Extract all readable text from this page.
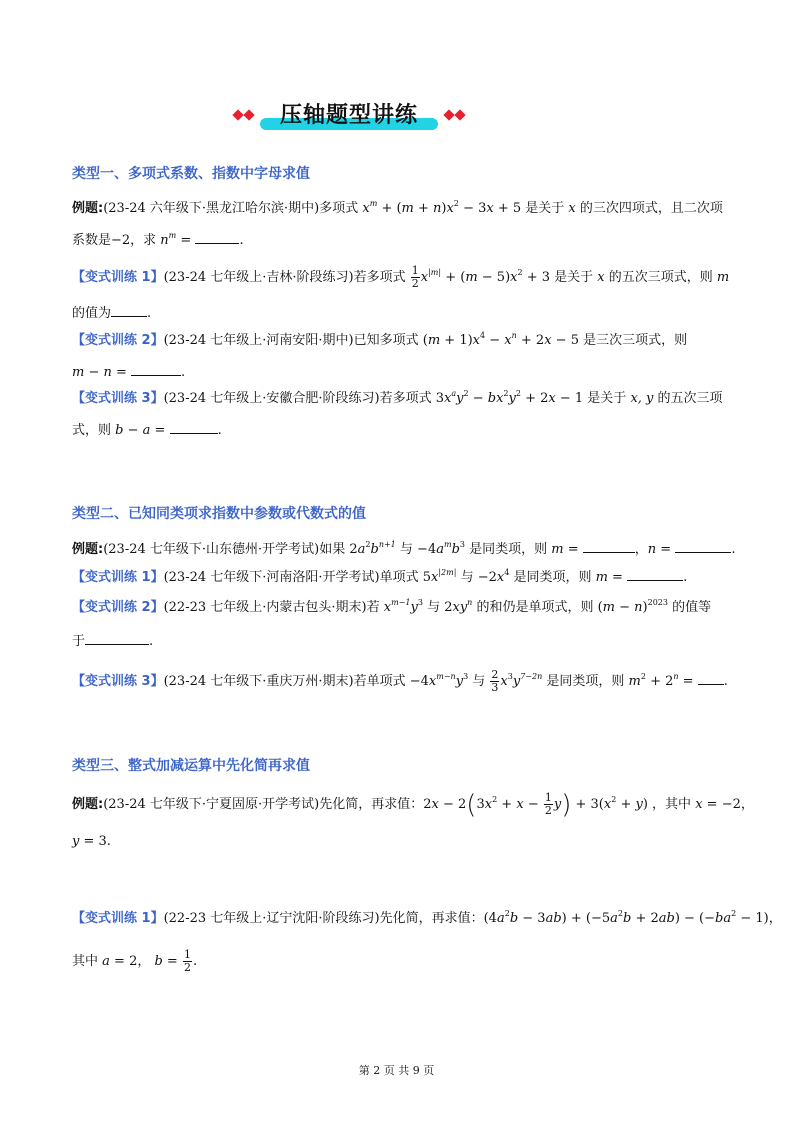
压轴题型讲练
类型一、多项式系数、指数中字母求值
例题:(23-24 六年级下·黑龙江哈尔滨·期中)多项式 $x^m + (m + n)x^2 - 3x + 5$ 是关于 x 的三次四项式，且二次项
系数是−2，求 $n^m$ =	.
【变式训练 1】(23-24 七年级上·吉林·阶段练习)若多项式 $\frac{1}{2} x^{|m|} + (m - 5)x^2 + 3$ 是关于 x 的五次三项式，则 m
的值为	.
【变式训练 2】(23-24 七年级上·河南安阳·期中)已知多项式 $(m + 1)x^4 - x^n + 2x - 5$ 是三次三项式，则
m − n =	.
【变式训练 3】(23-24 七年级上·安徽合肥·阶段练习)若多项式 $3x^ay^2 - bx^2y^2 + 2x - 1$ 是关于 x, y 的五次三项
式，则 b − a =	.
类型二、已知同类项求指数中参数或代数式的值
例题:(23-24 七年级下·山东德州·开学考试)如果 $2a^2b^{n+1}$ 与 $-4a^mb^3$ 是同类项，则 m =	，n =	.
【变式训练 1】(23-24 七年级下·河南洛阳·开学考试)单项式 $5x^{|2m|}$ 与 $-2x^4$ 是同类项，则 m =	.
【变式训练 2】(22-23 七年级上·内蒙古包头·期末)若 $x^{m-1}y^3$ 与 $2xy^n$ 的和仍是单项式，则 $(m - n)^{2023}$ 的值等
于	.
【变式训练 3】(23-24 七年级下·重庆万州·期末)若单项式 $-4x^{m-n}y^3$ 与 $\frac{2}{3} x^3y^{7-2n}$ 是同类项，则 $m^2 + 2^n$ = .
类型三、整式加减运算中先化简再求值
例题:(23-24 七年级下·宁夏固原·开学考试)先化简，再求值：$2x - 2(3x^2 + x - \frac{1}{2} y) + 3(x^2 + y)$ ，其中 x = −2，
y = 3.
【变式训练 1】(22-23 七年级上·辽宁沈阳·阶段练习)先化简，再求值：$(4a^2b - 3ab) + (-5a^2b + 2ab) - (-ba^2 - 1)$，
其中 a = 2， $b = \frac{1}{2}$ .
第 2 页 共 9 页
